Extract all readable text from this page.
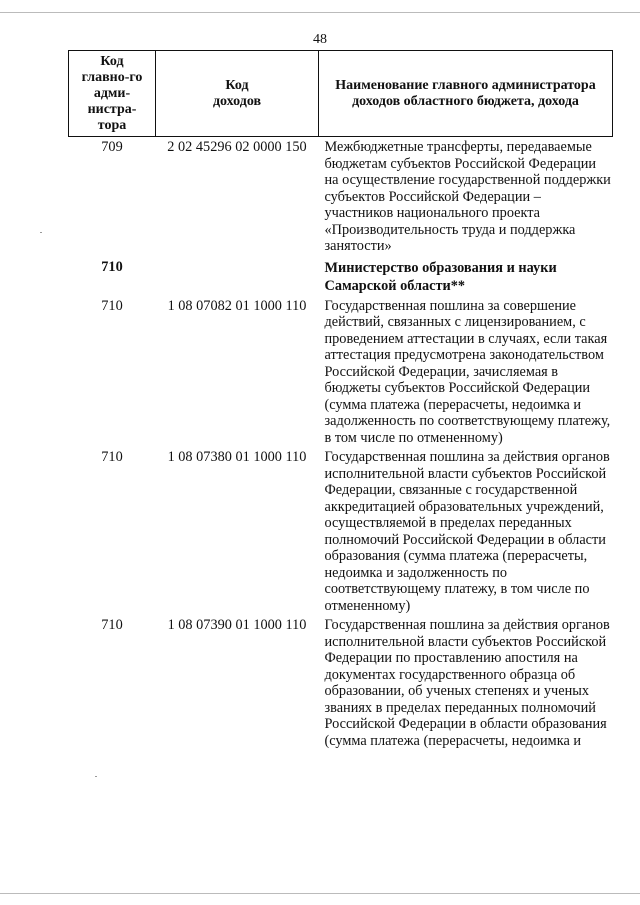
48
Код главно-го адми-нистра-тора	Код доходов	Наименование главного администратора доходов областного бюджета, дохода
709	2 02 45296 02 0000 150	Межбюджетные трансферты, передаваемые бюджетам субъектов Российской Федерации на осуществление государственной поддержки субъектов Российской Федерации – участников национального проекта «Производительность труда и поддержка занятости»
710		Министерство образования и науки Самарской области**
710	1 08 07082 01 1000 110	Государственная пошлина за совершение действий, связанных с лицензированием, с проведением аттестации в случаях, если такая аттестация предусмотрена законодательством Российской Федерации, зачисляемая в бюджеты субъектов Российской Федерации (сумма платежа (перерасчеты, недоимка и задолженность по соответствующему платежу, в том числе по отмененному)
710	1 08 07380 01 1000 110	Государственная пошлина за действия органов исполнительной власти субъектов Российской Федерации, связанные с государственной аккредитацией образовательных учреждений, осуществляемой в пределах переданных полномочий Российской Федерации в области образования (сумма платежа (перерасчеты, недоимка и задолженность по соответствующему платежу, в том числе по отмененному)
710	1 08 07390 01 1000 110	Государственная пошлина за действия органов исполнительной власти субъектов Российской Федерации по проставлению апостиля на документах государственного образца об образовании, об ученых степенях и ученых званиях в пределах переданных полномочий Российской Федерации в области образования (сумма платежа (перерасчеты, недоимка и
